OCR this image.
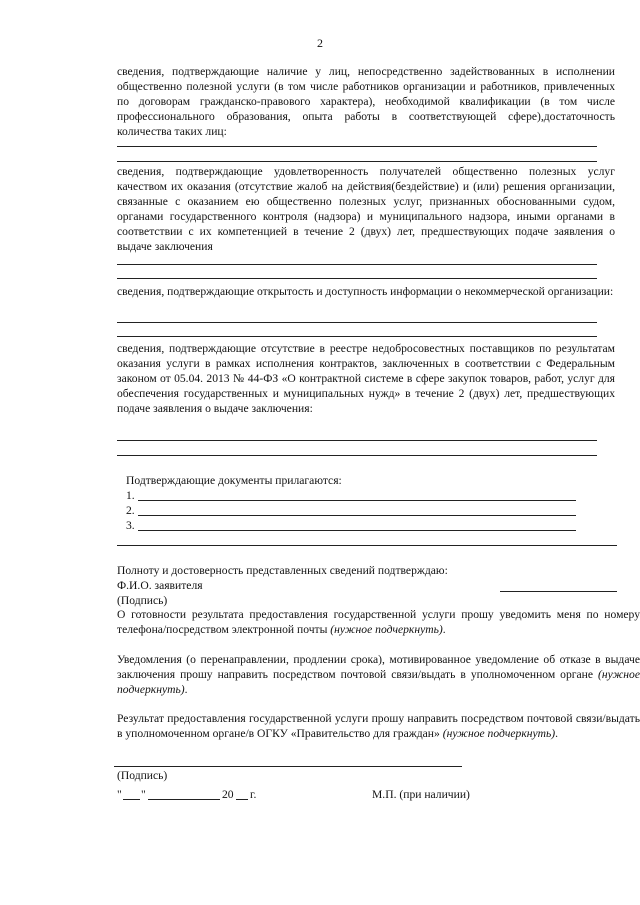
2
сведения, подтверждающие наличие у лиц, непосредственно задействованных в исполнении общественно полезной услуги (в том числе работников организации и работников, привлеченных по договорам гражданско-правового характера), необходимой квалификации (в том числе профессионального образования, опыта работы в соответствующей сфере),достаточность количества таких лиц:
сведения, подтверждающие удовлетворенность получателей общественно полезных услуг качеством их оказания (отсутствие жалоб на действия(бездействие) и (или) решения организации, связанные с оказанием ею общественно полезных услуг, признанных обоснованными судом, органами государственного контроля (надзора) и муниципального надзора, иными органами в соответствии с их компетенцией в течение 2 (двух) лет, предшествующих подаче заявления о выдаче заключения
сведения, подтверждающие открытость и доступность информации о некоммерческой организации:
сведения, подтверждающие отсутствие в реестре недобросовестных поставщиков по результатам оказания услуги в рамках исполнения контрактов, заключенных в соответствии с Федеральным законом от 05.04. 2013 № 44-ФЗ «О контрактной системе в сфере закупок товаров, работ, услуг для обеспечения государственных и муниципальных нужд» в течение 2 (двух) лет, предшествующих подаче заявления о выдаче заключения:
Подтверждающие документы прилагаются:
1.
2.
3.
Полноту и достоверность представленных сведений подтверждаю:
Ф.И.О. заявителя
(Подпись)
О готовности результата предоставления государственной услуги прошу уведомить меня по номеру телефона/посредством электронной почты (нужное подчеркнуть).
Уведомления (о перенаправлении, продлении срока), мотивированное уведомление об отказе в выдаче заключения прошу направить посредством почтовой связи/выдать в уполномоченном органе (нужное подчеркнуть).
Результат предоставления государственной услуги прошу направить посредством почтовой связи/выдать в уполномоченном органе/в ОГКУ «Правительство для граждан» (нужное подчеркнуть).
(Подпись)
" "	20 г.	М.П. (при наличии)
